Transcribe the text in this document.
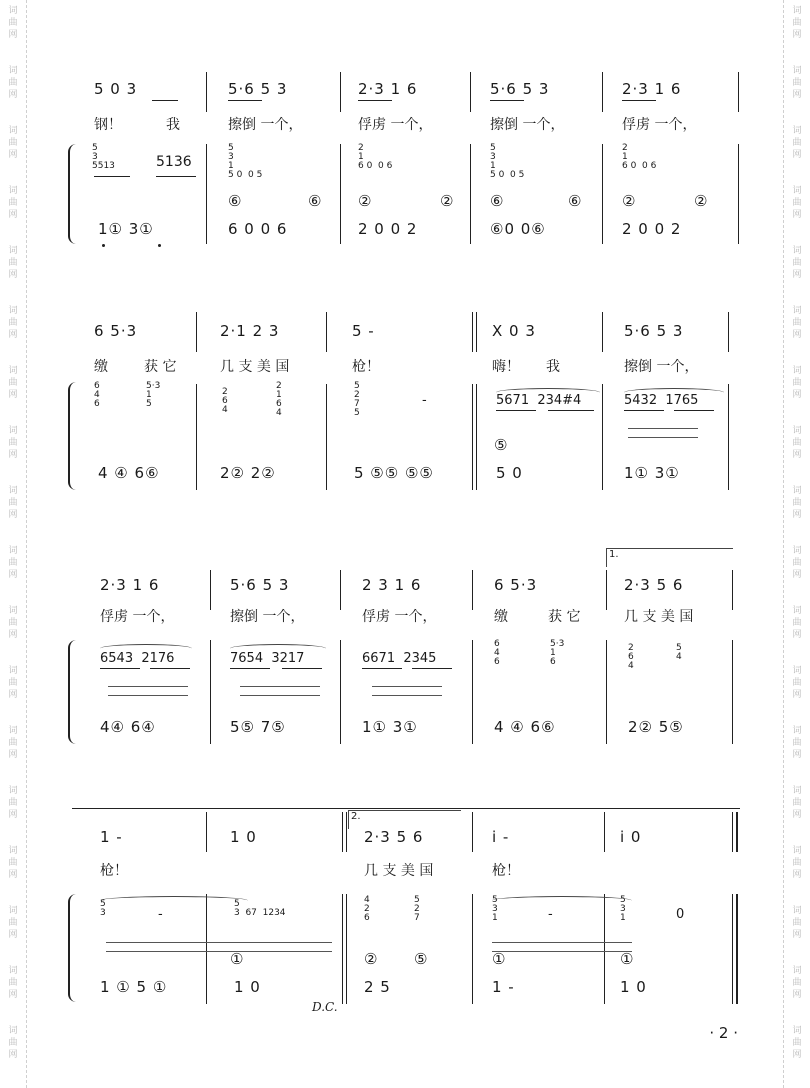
词
曲
网
词
曲
网
词
曲
网
词
曲
网
词
曲
网
词
曲
网
词
曲
网
词
曲
网
词
曲
网
词
曲
网
词
曲
网
词
曲
网
词
曲
网
词
曲
网
词
曲
网
词
曲
网
词
曲
网
词
曲
网
词
曲
网
词
曲
网
词
曲
网
词
曲
网
词
曲
网
词
曲
网
词
曲
网
词
曲
网
词
曲
网
词
曲
网
词
曲
网
词
曲
网
词
曲
网
词
曲
网
词
曲
网
词
曲
网
词
曲
网
词
曲
网
5 0 3	5·6 5 3	2·3 1 6	5·6 5 3	2·3 1 6
钢！	我	擦倒 一个，	俘虏 一个，	擦倒 一个，	俘虏 一个，
5
3
5513	5136
5
3
1
5 0  0 5
2
1
6 0  0 6
5
3
1
5 0  0 5
2
1
6 0  0 6
⑥	⑥ ②	② ⑥	⑥	②	②
1① 3①	6 0 0 6	2 0 0 2	⑥0 0⑥	2 0 0 2
6 5·3	2·1 2 3	5 -	X 0 3	5·6 5 3
缴	获 它	几 支 美 国	枪！	嗨！ 我	擦倒 一个，
6
4
6
5·3
1
5
2
6
4
2
1
6
4
5
2
7
5
-	5671  234#4	5432  1765
⑤
4 ④ 6⑥	2② 2②	5 ⑤⑤ ⑤⑤	5 0	1① 3①
1.
2·3 1 6	5·6 5 3	2 3 1 6	6 5·3	2·3 5 6
俘虏 一个，	擦倒 一个，	俘虏 一个，	缴	获 它	几 支 美 国
6543  2176	7654  3217	6671  2345
6
4
6
5·3
1
6
2
6
4
5
4
4④ 6④	5⑤ 7⑤	1① 3①	4 ④ 6⑥	2② 5⑤
2.
1 -	1 0	2·3 5 6	i -	i 0
枪！	几 支 美 国	枪！
5
3	-
5
3  67  1234
4
2
6
5
2
7
5
3
1	-
5
3
1	0
①	② ⑤	①	①
1 ① 5 ①	1 0	2 5	1 -	1 0
D.C.
· 2 ·
